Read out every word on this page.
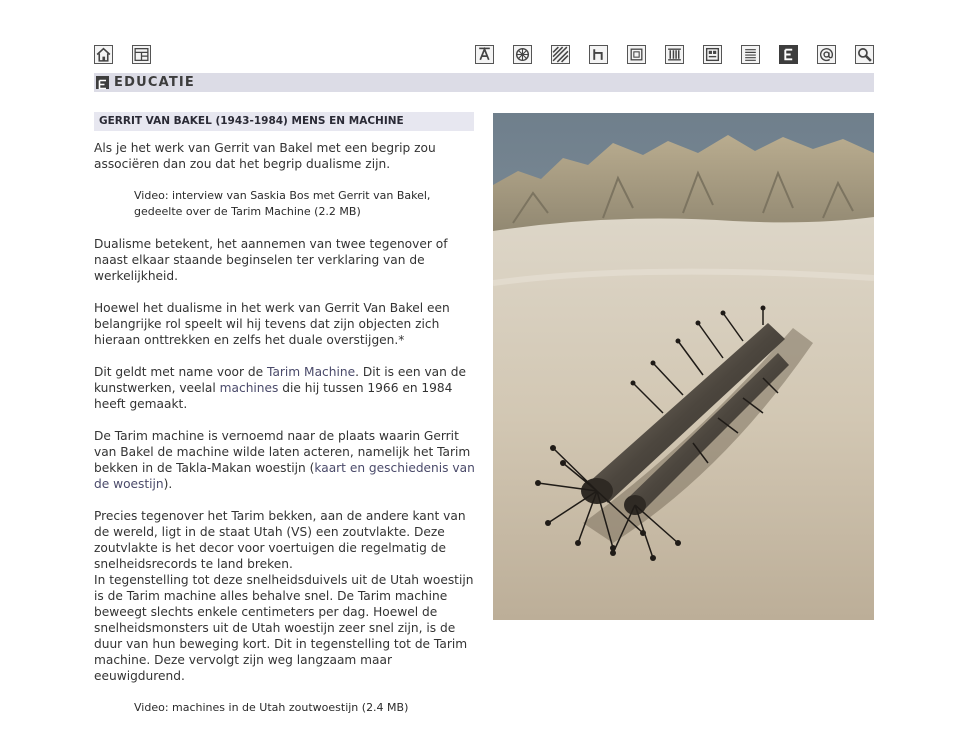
EDUCATIE
GERRIT VAN BAKEL (1943-1984) MENS EN MACHINE

Als je het werk van Gerrit van Bakel met een begrip zou associëren dan zou dat het begrip dualisme zijn.

Video: interview van Saskia Bos met Gerrit van Bakel, gedeelte over de Tarim Machine (2.2 MB)

Dualisme betekent, het aannemen van twee tegenover of naast elkaar staande beginselen ter verklaring van de werkelijkheid.

Hoewel het dualisme in het werk van Gerrit Van Bakel een belangrijke rol speelt wil hij tevens dat zijn objecten zich hieraan onttrekken en zelfs het duale overstijgen.*

Dit geldt met name voor de Tarim Machine. Dit is een van de kunstwerken, veelal machines die hij tussen 1966 en 1984 heeft gemaakt.

De Tarim machine is vernoemd naar de plaats waarin Gerrit van Bakel de machine wilde laten acteren, namelijk het Tarim bekken in de Takla-Makan woestijn (kaart en geschiedenis van de woestijn).

Precies tegenover het Tarim bekken, aan de andere kant van de wereld, ligt in de staat Utah (VS) een zoutvlakte. Deze zoutvlakte is het decor voor voertuigen die regelmatig de snelheidsrecords te land breken.
In tegenstelling tot deze snelheidsduivels uit de Utah woestijn is de Tarim machine alles behalve snel. De Tarim machine beweegt slechts enkele centimeters per dag. Hoewel de snelheidsmonsters uit de Utah woestijn zeer snel zijn, is de duur van hun beweging kort. Dit in tegenstelling tot de Tarim machine. Deze vervolgt zijn weg langzaam maar eeuwigdurend.

Video: machines in de Utah zoutwoestijn (2.4 MB)
